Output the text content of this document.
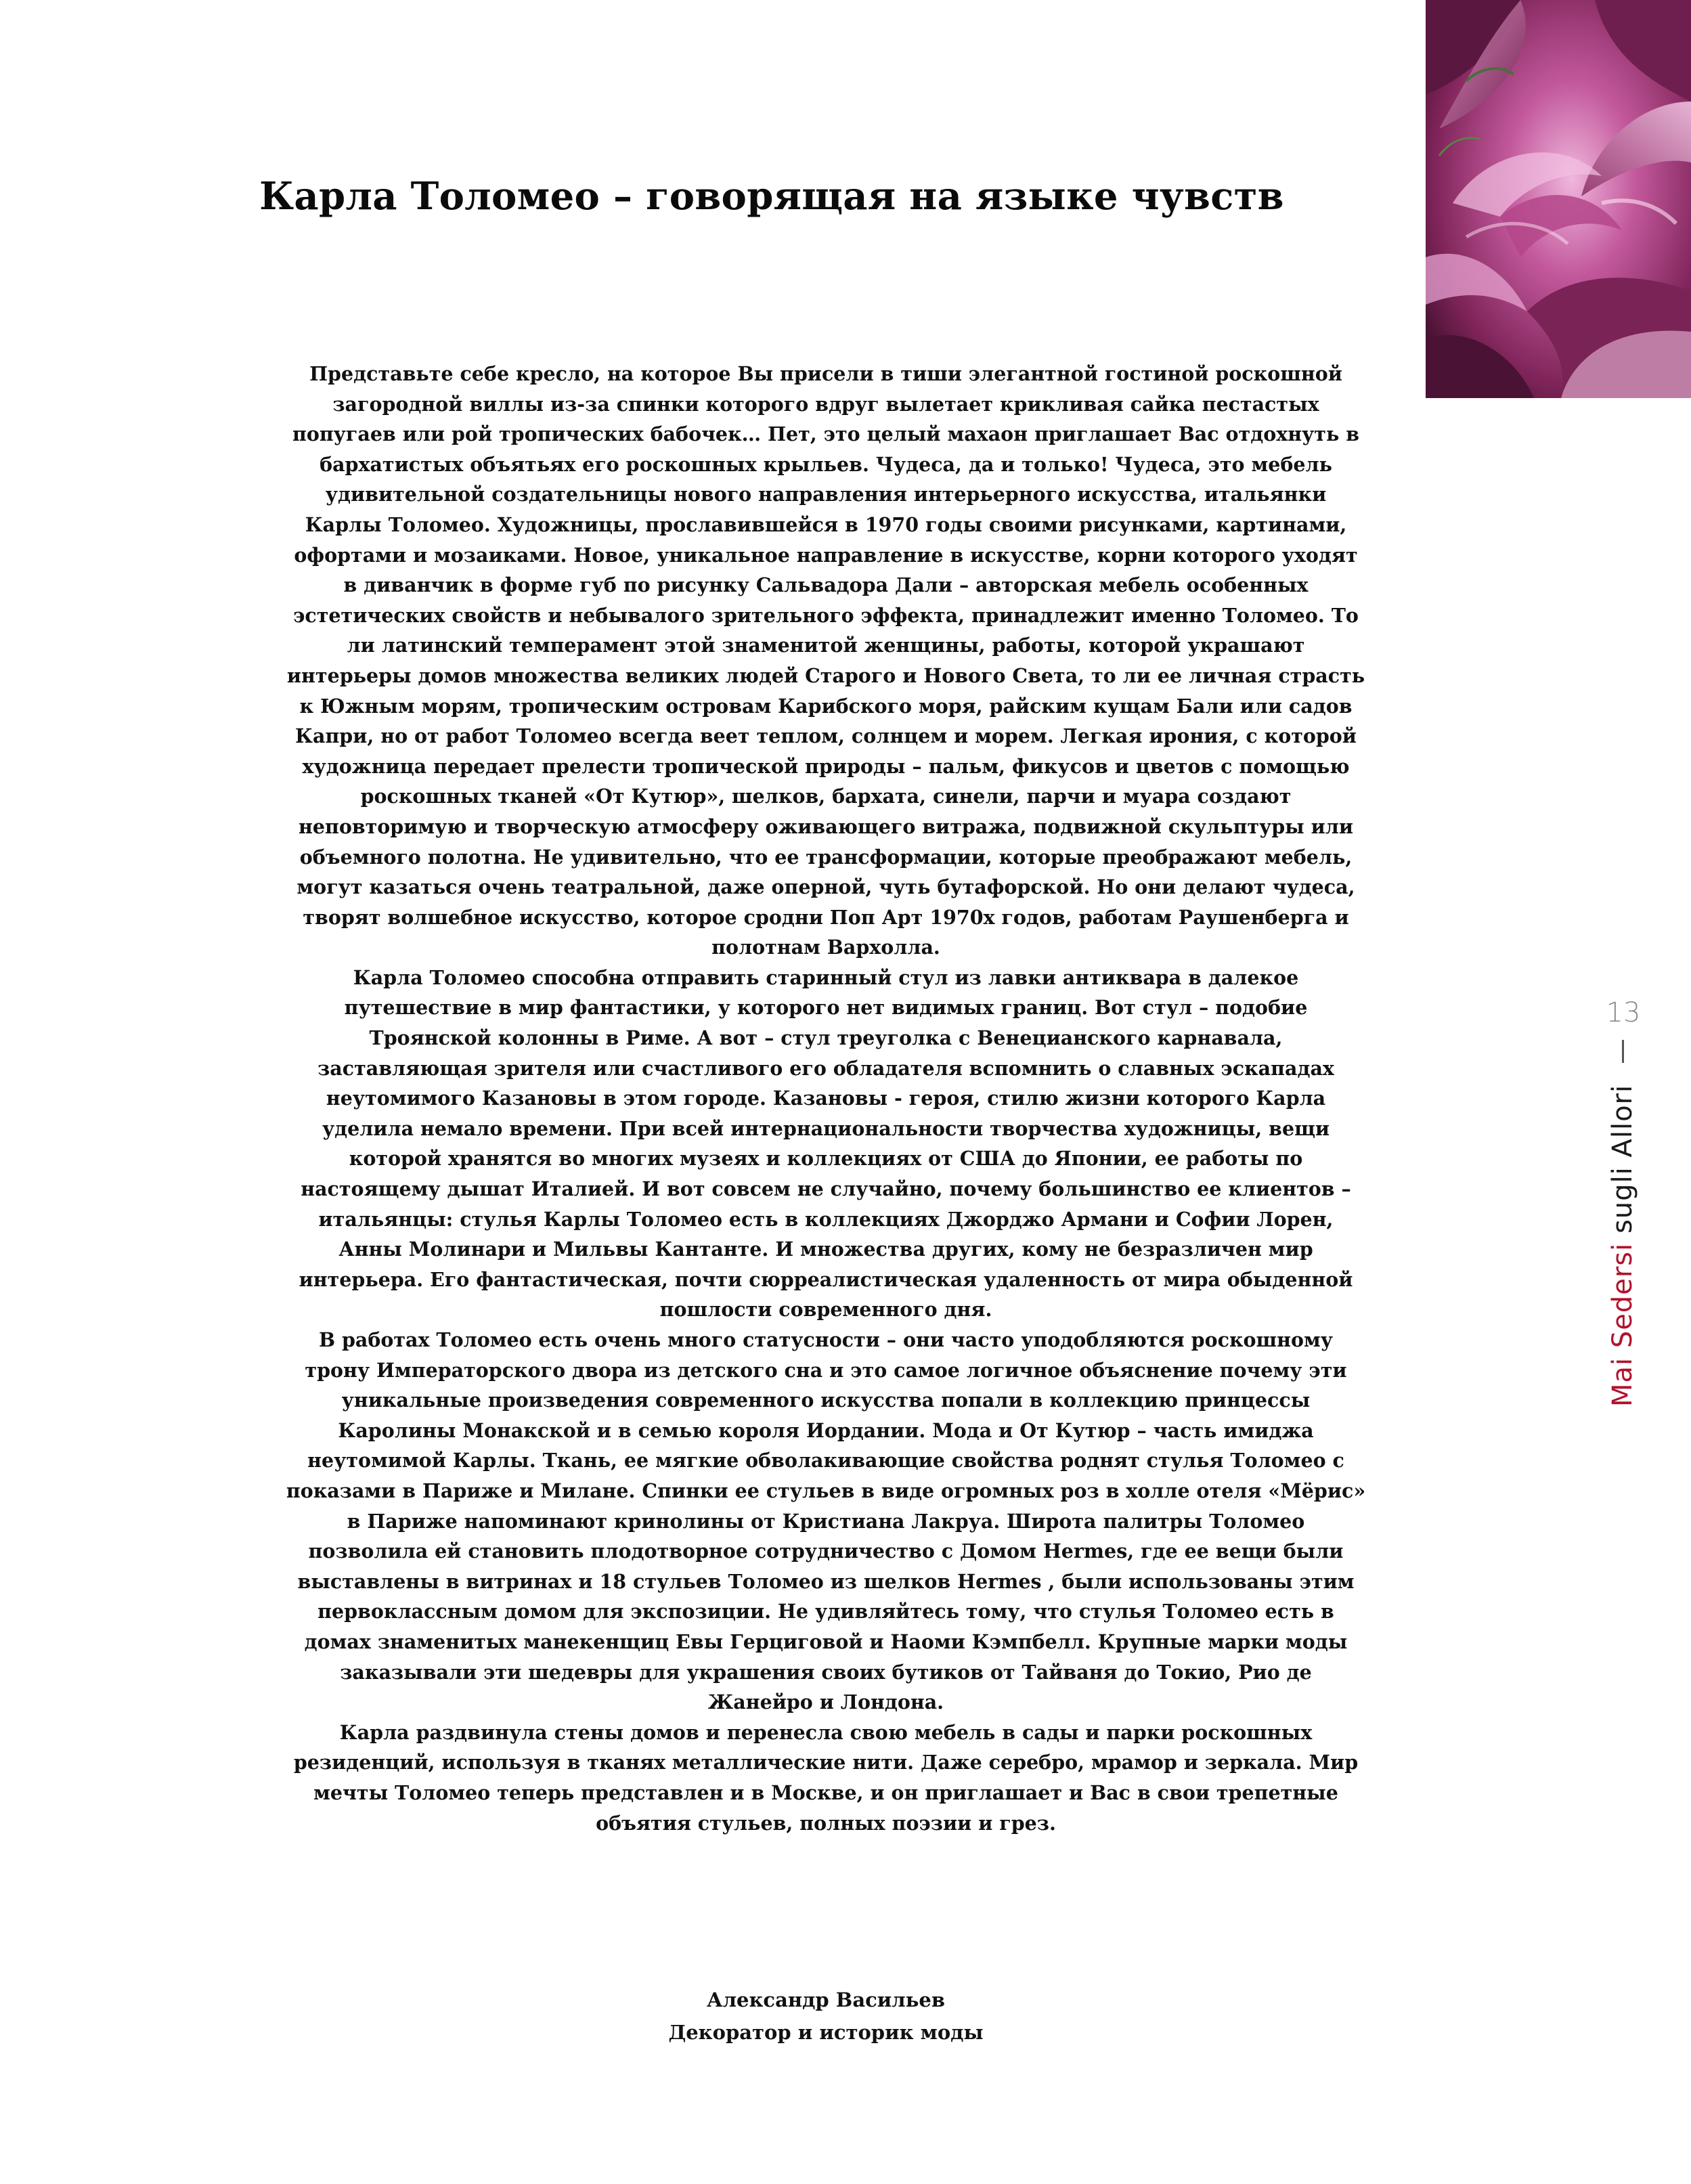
Карла Толомео – говорящая на языке чувств

Представьте себе кресло, на которое Вы присели в тиши элегантной гостиной роскошной загородной виллы из-за спинки которого вдруг вылетает крикливая сайка пестастых попугаев или рой тропических бабочек… Пет, это целый махаон приглашает Вас отдохнуть в бархатистых объятьях его роскошных крыльев. Чудеса, да и только! Чудеса, это мебель удивительной создательницы нового направления интерьерного искусства, итальянки Карлы Толомео. Художницы, прославившейся в 1970 годы своими рисунками, картинами, офортами и мозаиками. Новое, уникальное направление в искусстве, корни которого уходят в диванчик в форме губ по рисунку Сальвадора Дали – авторская мебель особенных эстетических свойств и небывалого зрительного эффекта, принадлежит именно Толомео. То ли латинский темперамент этой знаменитой женщины, работы, которой украшают интерьеры домов множества великих людей Старого и Нового Света, то ли ее личная страсть к Южным морям, тропическим островам Карибского моря, райским кущам Бали или садов Капри, но от работ Толомео всегда веет теплом, солнцем и морем. Легкая ирония, с которой художница передает прелести тропической природы – пальм, фикусов и цветов с помощью роскошных тканей «От Кутюр», шелков, бархата, синели, парчи и муара создают неповторимую и творческую атмосферу оживающего витража, подвижной скульптуры или объемного полотна. Не удивительно, что ее трансформации, которые преображают мебель, могут казаться очень театральной, даже оперной, чуть бутафорской. Но они делают чудеса, творят волшебное искусство, которое сродни Поп Арт 1970х годов, работам Раушенберга и полотнам Вархолла.

Карла Толомео способна отправить старинный стул из лавки антиквара в далекое путешествие в мир фантастики, у которого нет видимых границ. Вот стул – подобие Троянской колонны в Риме. А вот – стул треуголка с Венецианского карнавала, заставляющая зрителя или счастливого его обладателя вспомнить о славных эскападах неутомимого Казановы в этом городе. Казановы - героя, стилю жизни которого Карла уделила немало времени. При всей интернациональности творчества художницы, вещи которой хранятся во многих музеях и коллекциях от США до Японии, ее работы по настоящему дышат Италией. И вот совсем не случайно, почему большинство ее клиентов – итальянцы: стулья Карлы Толомео есть в коллекциях Джорджо Армани и Софии Лорен, Анны Молинари и Мильвы Кантанте. И множества других, кому не безразличен мир интерьера. Его фантастическая, почти сюрреалистическая удаленность от мира обыденной пошлости современного дня.

В работах Толомео есть очень много статусности – они часто уподобляются роскошному трону Императорского двора из детского сна и это самое логичное объяснение почему эти уникальные произведения современного искусства попали в коллекцию принцессы Каролины Монакской и в семью короля Иордании. Мода и От Кутюр – часть имиджа неутомимой Карлы. Ткань, ее мягкие обволакивающие свойства роднят стулья Толомео с показами в Париже и Милане. Спинки ее стульев в виде огромных роз в холле отеля «Мёрис» в Париже напоминают кринолины от Кристиана Лакруа. Широта палитры Толомео позволила ей становить плодотворное сотрудничество с Домом Hermes, где ее вещи были выставлены в витринах и 18 стульев Толомео из шелков Hermes , были использованы этим первоклассным домом для экспозиции. Не удивляйтесь тому, что стулья Толомео есть в домах знаменитых манекенщиц Евы Герциговой и Наоми Кэмпбелл. Крупные марки моды заказывали эти шедевры для украшения своих бутиков от Тайваня до Токио, Рио де Жанейро и Лондона.

Карла раздвинула стены домов и перенесла свою мебель в сады и парки роскошных резиденций, используя в тканях металлические нити. Даже серебро, мрамор и зеркала. Мир мечты Толомео теперь представлен и в Москве, и он приглашает и Вас в свои трепетные объятия стульев, полных поэзии и грез.

Александр Васильев
Декоратор и историк моды
13
Mai Sedersi sugli Allori
